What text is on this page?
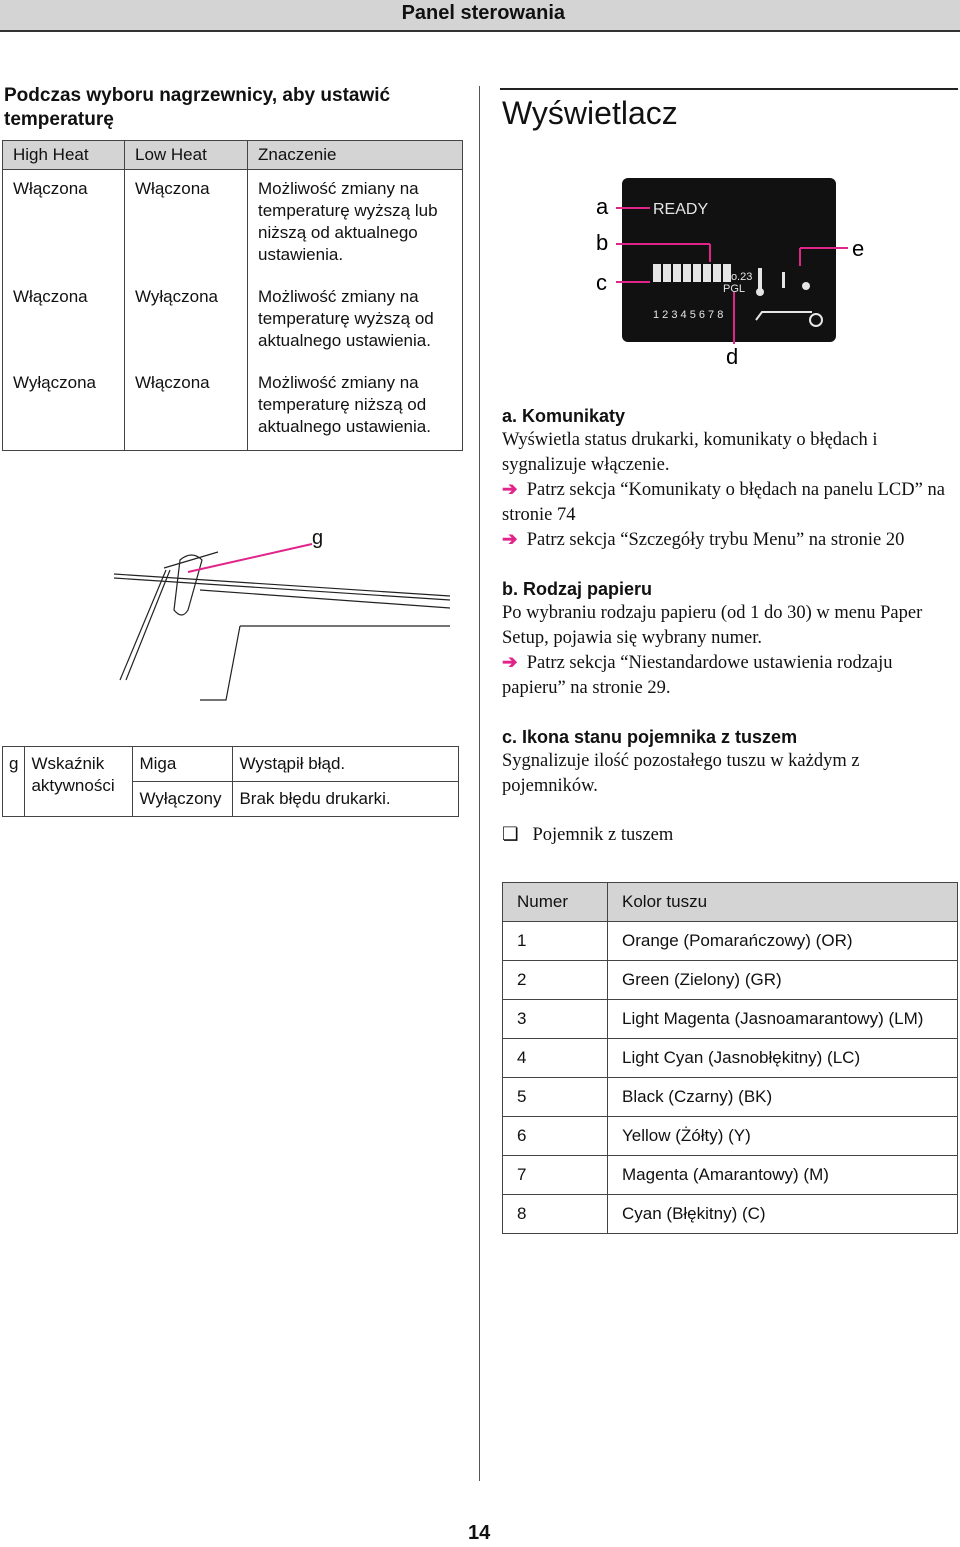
Panel sterowania
Podczas wyboru nagrzewnicy, aby ustawić temperaturę
High Heat	Low Heat	Znaczenie
Włączona	Włączona	Możliwość zmiany na temperaturę wyższą lub niższą od aktualnego ustawienia.
Włączona	Wyłączona	Możliwość zmiany na temperaturę wyższą od aktualnego ustawienia.
Wyłączona	Włączona	Możliwość zmiany na temperaturę niższą od aktualnego ustawienia.
g
g	Wskaźnik aktywności	Miga	Wystąpił błąd.
		Wyłączony	Brak błędu drukarki.
Wyświetlacz
READY
No.23
PGL
1 2 3 4 5 6 7 8
a
b
c
d
e
a. Komunikaty
Wyświetla status drukarki, komunikaty o błędach i sygnalizuje włączenie.
➔ Patrz sekcja “Komunikaty o błędach na panelu LCD” na stronie 74
➔ Patrz sekcja “Szczegóły trybu Menu” na stronie 20
b. Rodzaj papieru
Po wybraniu rodzaju papieru (od 1 do 30) w menu Paper Setup, pojawia się wybrany numer.
➔ Patrz sekcja “Niestandardowe ustawienia rodzaju papieru” na stronie 29.
c. Ikona stanu pojemnika z tuszem
Sygnalizuje ilość pozostałego tuszu w każdym z pojemników.
❏ Pojemnik z tuszem
Numer	Kolor tuszu
1	Orange (Pomarańczowy) (OR)
2	Green (Zielony) (GR)
3	Light Magenta (Jasnoamarantowy) (LM)
4	Light Cyan (Jasnobłękitny) (LC)
5	Black (Czarny) (BK)
6	Yellow (Żółty) (Y)
7	Magenta (Amarantowy) (M)
8	Cyan (Błękitny) (C)
14
